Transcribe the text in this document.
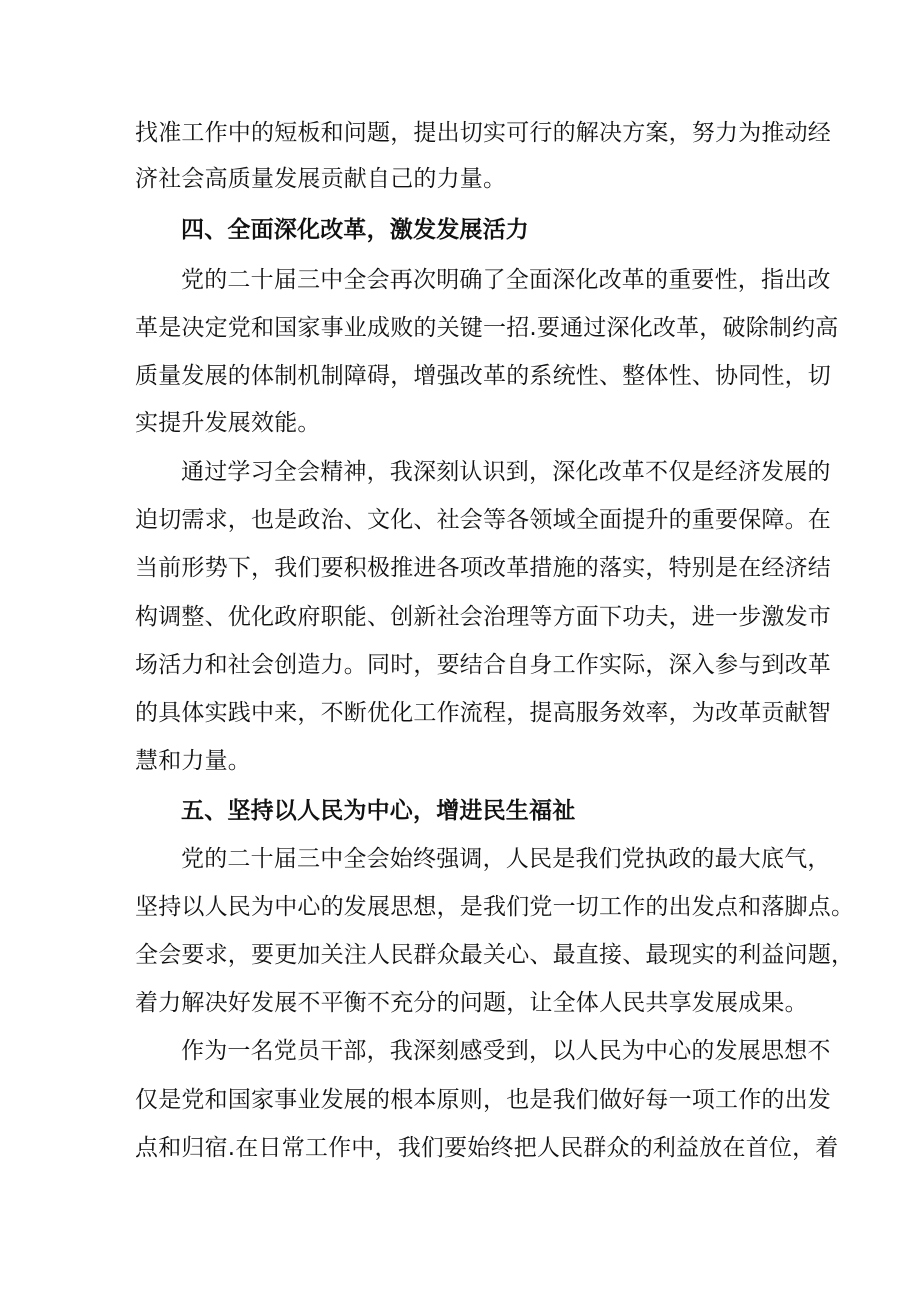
找准工作中的短板和问题，提出切实可行的解决方案，努力为推动经
济社会高质量发展贡献自己的力量。
四、全面深化改革，激发发展活力
党的二十届三中全会再次明确了全面深化改革的重要性，指出改
革是决定党和国家事业成败的关键一招.要通过深化改革，破除制约高
质量发展的体制机制障碍，增强改革的系统性、整体性、协同性，切
实提升发展效能。
通过学习全会精神，我深刻认识到，深化改革不仅是经济发展的
迫切需求，也是政治、文化、社会等各领域全面提升的重要保障。在
当前形势下，我们要积极推进各项改革措施的落实，特别是在经济结
构调整、优化政府职能、创新社会治理等方面下功夫，进一步激发市
场活力和社会创造力。同时，要结合自身工作实际，深入参与到改革
的具体实践中来，不断优化工作流程，提高服务效率，为改革贡献智
慧和力量。
五、坚持以人民为中心，增进民生福祉
党的二十届三中全会始终强调，人民是我们党执政的最大底气，
坚持以人民为中心的发展思想，是我们党一切工作的出发点和落脚点。
全会要求，要更加关注人民群众最关心、最直接、最现实的利益问题，
着力解决好发展不平衡不充分的问题，让全体人民共享发展成果。
作为一名党员干部，我深刻感受到，以人民为中心的发展思想不
仅是党和国家事业发展的根本原则，也是我们做好每一项工作的出发
点和归宿.在日常工作中，我们要始终把人民群众的利益放在首位，着
